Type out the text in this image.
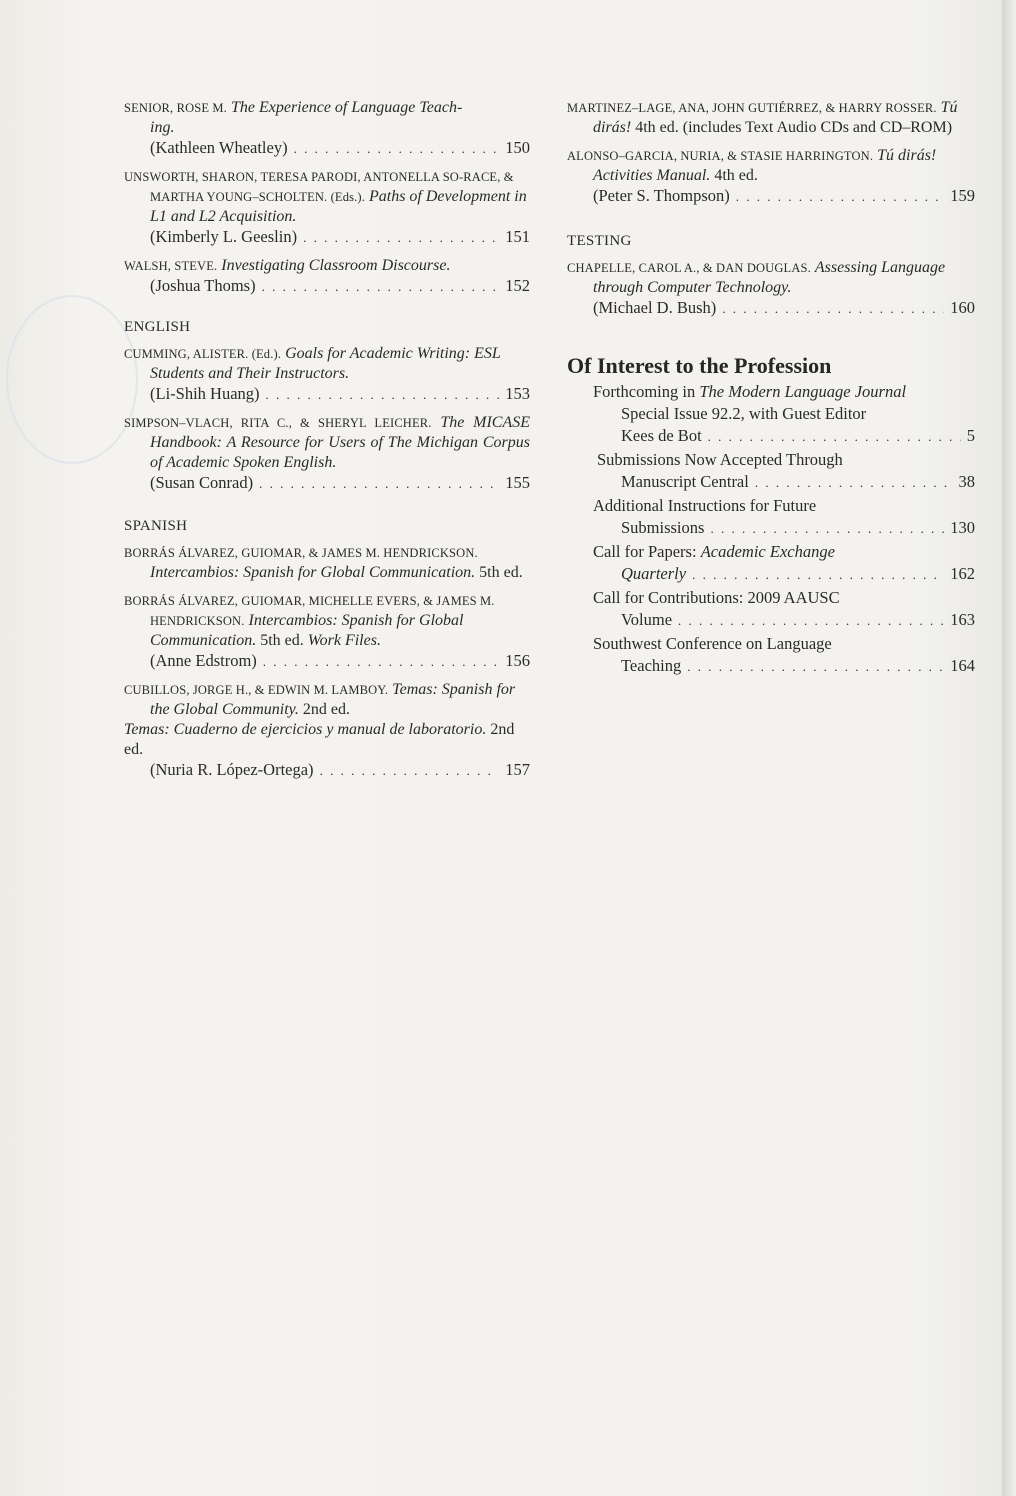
SENIOR, ROSE M. The Experience of Language Teach-
ing.
(Kathleen Wheatley) . . .	150
UNSWORTH, SHARON, TERESA PARODI, ANTONELLA SO-RACE, & MARTHA YOUNG–SCHOLTEN. (Eds.). Paths of Development in L1 and L2 Acquisition.
(Kimberly L. Geeslin) . . .	151
WALSH, STEVE. Investigating Classroom Discourse.
(Joshua Thoms) . . .	152
ENGLISH
CUMMING, ALISTER. (Ed.). Goals for Academic Writing: ESL Students and Their Instructors.
(Li-Shih Huang) . . .	153
SIMPSON–VLACH, RITA C., & SHERYL LEICHER. The MICASE Handbook: A Resource for Users of The Michigan Corpus of Academic Spoken English.
(Susan Conrad) . . .	155
SPANISH
BORRÁS ÁLVAREZ, GUIOMAR, & JAMES M. HENDRICKSON. Intercambios: Spanish for Global Communication. 5th ed.
BORRÁS ÁLVAREZ, GUIOMAR, MICHELLE EVERS, & JAMES M. HENDRICKSON. Intercambios: Spanish for Global Communication. 5th ed. Work Files.
(Anne Edstrom) . . .	156
CUBILLOS, JORGE H., & EDWIN M. LAMBOY. Temas: Spanish for the Global Community. 2nd ed.
Temas: Cuaderno de ejercicios y manual de laboratorio. 2nd ed.
(Nuria R. López-Ortega) . . .	157
MARTINEZ–LAGE, ANA, JOHN GUTIÉRREZ, & HARRY ROSSER. Tú dirás! 4th ed. (includes Text Audio CDs and CD–ROM)
ALONSO–GARCIA, NURIA, & STASIE HARRINGTON. Tú dirás! Activities Manual. 4th ed.
(Peter S. Thompson) . . .	159
TESTING
CHAPELLE, CAROL A., & DAN DOUGLAS. Assessing Language through Computer Technology.
(Michael D. Bush) . . .	160
Of Interest to the Profession
Forthcoming in The Modern Language Journal
Special Issue 92.2, with Guest Editor
Kees de Bot . . .	5
Submissions Now Accepted Through
Manuscript Central . . .	38
Additional Instructions for Future
Submissions . . .	130
Call for Papers: Academic Exchange
Quarterly . . .	162
Call for Contributions: 2009 AAUSC
Volume . . .	163
Southwest Conference on Language
Teaching . . .	164
